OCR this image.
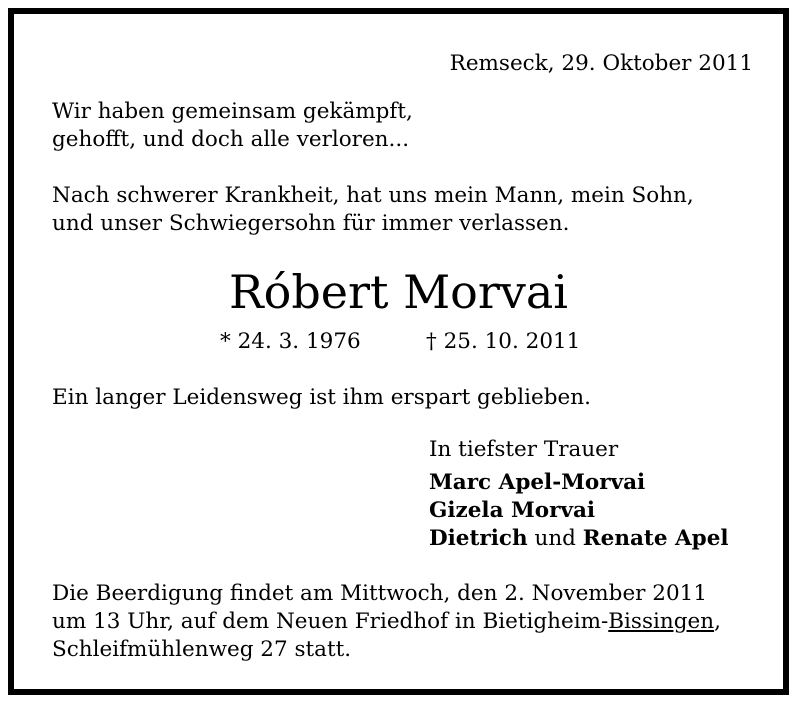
Remseck, 29. Oktober 2011
Wir haben gemeinsam gekämpft,
gehofft, und doch alle verloren...
Nach schwerer Krankheit, hat uns mein Mann, mein Sohn,
und unser Schwiegersohn für immer verlassen.
Róbert Morvai
* 24. 3. 1976	† 25. 10. 2011
Ein langer Leidensweg ist ihm erspart geblieben.
In tiefster Trauer
Marc Apel-Morvai
Gizela Morvai
Dietrich und Renate Apel
Die Beerdigung findet am Mittwoch, den 2. November 2011
um 13 Uhr, auf dem Neuen Friedhof in Bietigheim-Bissingen,
Schleifmühlenweg 27 statt.
